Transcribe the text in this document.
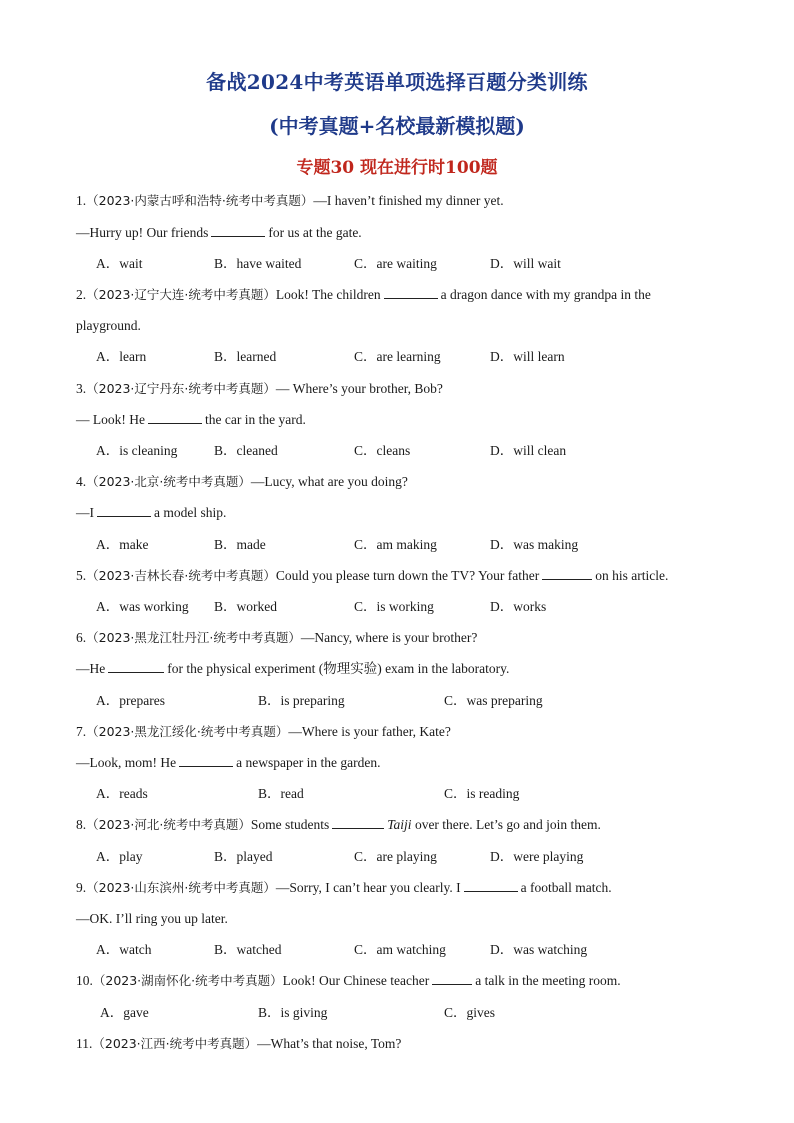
备战2024中考英语单项选择百题分类训练
(中考真题+名校最新模拟题)
专题30 现在进行时100题
1.（2023·内蒙古呼和浩特·统考中考真题）—I haven’t finished my dinner yet.
—Hurry up! Our friends	for us at the gate.
A．wait	B．have waited	C．are waiting	D．will wait
2.（2023·辽宁大连·统考中考真题）Look! The children	a dragon dance with my grandpa in the
playground.
A．learn	B．learned	C．are learning	D．will learn
3.（2023·辽宁丹东·统考中考真题）— Where’s your brother, Bob?
— Look! He	the car in the yard.
A．is cleaning	B．cleaned	C．cleans	D．will clean
4.（2023·北京·统考中考真题）—Lucy, what are you doing?
—I	a model ship.
A．make	B．made	C．am making	D．was making
5.（2023·吉林长春·统考中考真题）Could you please turn down the TV? Your father	on his article.
A．was working B．worked	C．is working	D．works
6.（2023·黑龙江牡丹江·统考中考真题）—Nancy, where is your brother?
—He	for the physical experiment (物理实验) exam in the laboratory.
A．prepares	B．is preparing	C．was preparing
7.（2023·黑龙江绥化·统考中考真题）—Where is your father, Kate?
—Look, mom! He	a newspaper in the garden.
A．reads	B．read	C．is reading
8.（2023·河北·统考中考真题）Some students	Taiji over there. Let’s go and join them.
A．play	B．played	C．are playing	D．were playing
9.（2023·山东滨州·统考中考真题）—Sorry, I can’t hear you clearly. I	a football match.
—OK. I’ll ring you up later.
A．watch	B．watched	C．am watching	D．was watching
10.（2023·湖南怀化·统考中考真题）Look! Our Chinese teacher	a talk in the meeting room.
A．gave	B．is giving	C．gives
11.（2023·江西·统考中考真题）—What’s that noise, Tom?
